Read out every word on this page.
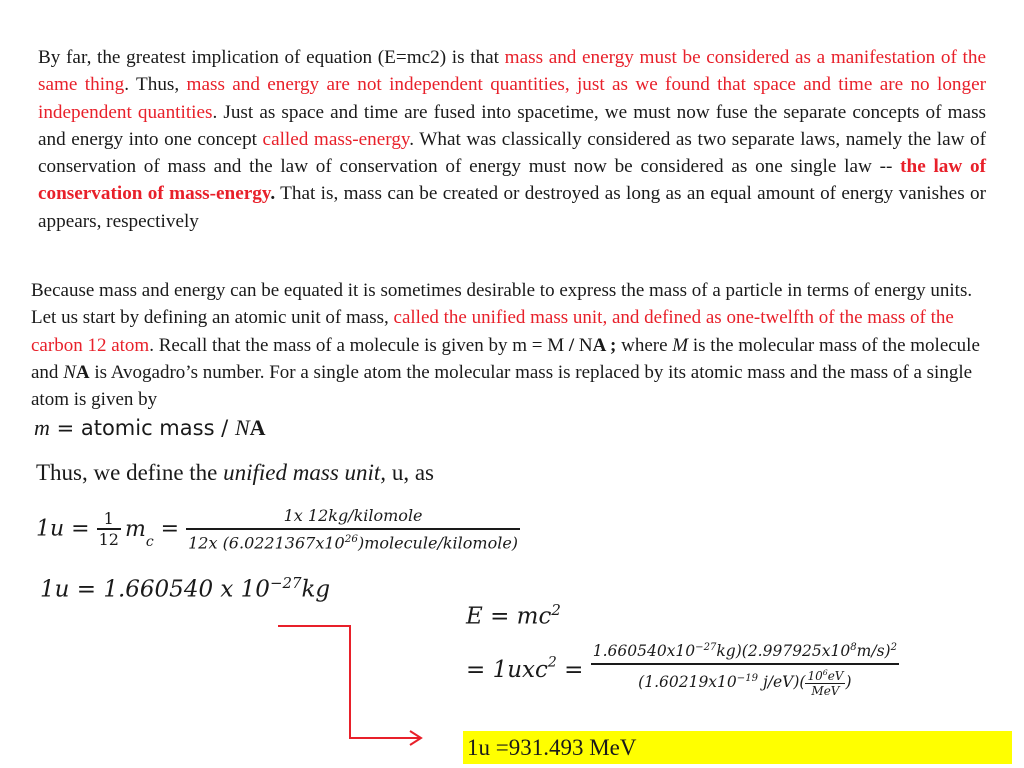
By far, the greatest implication of equation (E=mc2) is that mass and energy must be considered as a manifestation of the same thing. Thus, mass and energy are not independent quantities, just as we found that space and time are no longer independent quantities. Just as space and time are fused into spacetime, we must now fuse the separate concepts of mass and energy into one concept called mass-energy. What was classically considered as two separate laws, namely the law of conservation of mass and the law of conservation of energy must now be considered as one single law -- the law of conservation of mass-energy. That is, mass can be created or destroyed as long as an equal amount of energy vanishes or appears, respectively
Because mass and energy can be equated it is sometimes desirable to express the mass of a particle in terms of energy units. Let us start by defining an atomic unit of mass, called the unified mass unit, and defined as one-twelfth of the mass of the carbon 12 atom. Recall that the mass of a molecule is given by m = M / NA ; where M is the molecular mass of the molecule and NA is Avogadro’s number. For a single atom the molecular mass is replaced by its atomic mass and the mass of a single atom is given by
m = atomic mass / NA
Thus, we define the unified mass unit, u, as
$1u = \frac{1}{12} m_c = \frac{\text{1x 12kg/kilomole}}{12x (6.0221367x10^{26})molecule/kilomole)}$
1u = 1.660540 x $10^{-27}kg$
$E = mc^2$
= $1uxc^2 = \frac{1.660540x10^{-27}kg)(2.997925x10^8m/s)^2}{(1.60219x10^{-19} j/eV)( \frac{10^6eV}{\text{MeV}} )}$
1u =931.493 MeV
